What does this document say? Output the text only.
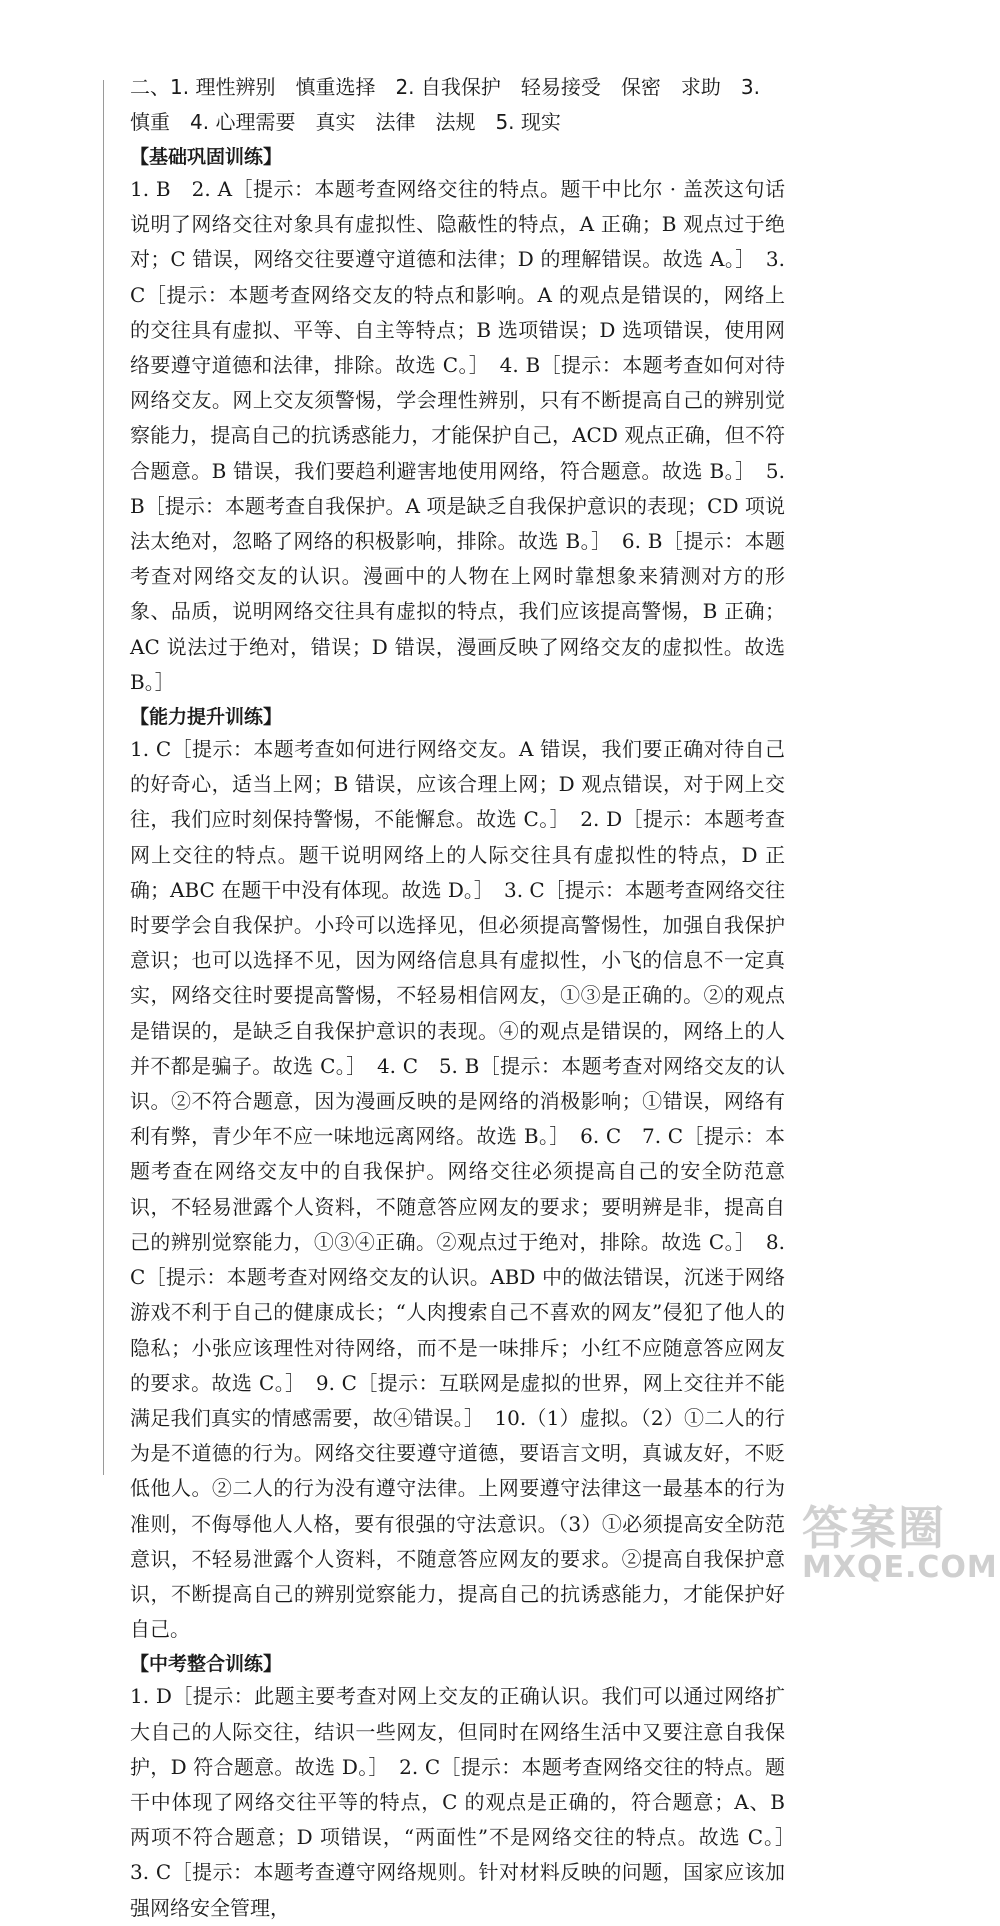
二、1. 理性辨别　慎重选择　2. 自我保护　轻易接受　保密　求助　3. 慎重　4. 心理需要　真实　法律　法规　5. 现实

【基础巩固训练】

1. B　2. A［提示：本题考查网络交往的特点。题干中比尔 · 盖茨这句话说明了网络交往对象具有虚拟性、隐蔽性的特点，A 正确；B 观点过于绝对；C 错误，网络交往要遵守道德和法律；D 的理解错误。故选 A。］　3. C［提示：本题考查网络交友的特点和影响。A 的观点是错误的，网络上的交往具有虚拟、平等、自主等特点；B 选项错误；D 选项错误，使用网络要遵守道德和法律，排除。故选 C。］　4. B［提示：本题考查如何对待网络交友。网上交友须警惕，学会理性辨别，只有不断提高自己的辨别觉察能力，提高自己的抗诱惑能力，才能保护自己，ACD 观点正确，但不符合题意。B 错误，我们要趋利避害地使用网络，符合题意。故选 B。］　5. B［提示：本题考查自我保护。A 项是缺乏自我保护意识的表现；CD 项说法太绝对，忽略了网络的积极影响，排除。故选 B。］　6. B［提示：本题考查对网络交友的认识。漫画中的人物在上网时靠想象来猜测对方的形象、品质，说明网络交往具有虚拟的特点，我们应该提高警惕，B 正确；AC 说法过于绝对，错误；D 错误，漫画反映了网络交友的虚拟性。故选 B。］

【能力提升训练】

1. C［提示：本题考查如何进行网络交友。A 错误，我们要正确对待自己的好奇心，适当上网；B 错误，应该合理上网；D 观点错误，对于网上交往，我们应时刻保持警惕，不能懈怠。故选 C。］　2. D［提示：本题考查网上交往的特点。题干说明网络上的人际交往具有虚拟性的特点，D 正确；ABC 在题干中没有体现。故选 D。］　3. C［提示：本题考查网络交往时要学会自我保护。小玲可以选择见，但必须提高警惕性，加强自我保护意识；也可以选择不见，因为网络信息具有虚拟性，小飞的信息不一定真实，网络交往时要提高警惕，不轻易相信网友，①③是正确的。②的观点是错误的，是缺乏自我保护意识的表现。④的观点是错误的，网络上的人并不都是骗子。故选 C。］　4. C　5. B［提示：本题考查对网络交友的认识。②不符合题意，因为漫画反映的是网络的消极影响；①错误，网络有利有弊，青少年不应一味地远离网络。故选 B。］　6. C　7. C［提示：本题考查在网络交友中的自我保护。网络交往必须提高自己的安全防范意识，不轻易泄露个人资料，不随意答应网友的要求；要明辨是非，提高自己的辨别觉察能力，①③④正确。②观点过于绝对，排除。故选 C。］　8. C［提示：本题考查对网络交友的认识。ABD 中的做法错误，沉迷于网络游戏不利于自己的健康成长；“人肉搜索自己不喜欢的网友”侵犯了他人的隐私；小张应该理性对待网络，而不是一味排斥；小红不应随意答应网友的要求。故选 C。］　9. C［提示：互联网是虚拟的世界，网上交往并不能满足我们真实的情感需要，故④错误。］　10.（1）虚拟。（2）①二人的行为是不道德的行为。网络交往要遵守道德，要语言文明，真诚友好，不贬低他人。②二人的行为没有遵守法律。上网要遵守法律这一最基本的行为准则，不侮辱他人人格，要有很强的守法意识。（3）①必须提高安全防范意识，不轻易泄露个人资料，不随意答应网友的要求。②提高自我保护意识，不断提高自己的辨别觉察能力，提高自己的抗诱惑能力，才能保护好自己。

【中考整合训练】

1. D［提示：此题主要考查对网上交友的正确认识。我们可以通过网络扩大自己的人际交往，结识一些网友，但同时在网络生活中又要注意自我保护，D 符合题意。故选 D。］　2. C［提示：本题考查网络交往的特点。题干中体现了网络交往平等的特点，C 的观点是正确的，符合题意；A、B 两项不符合题意；D 项错误，“两面性”不是网络交往的特点。故选 C。］　3. C［提示：本题考查遵守网络规则。针对材料反映的问题，国家应该加强网络安全管理，

答案圈
MXQE.COM
